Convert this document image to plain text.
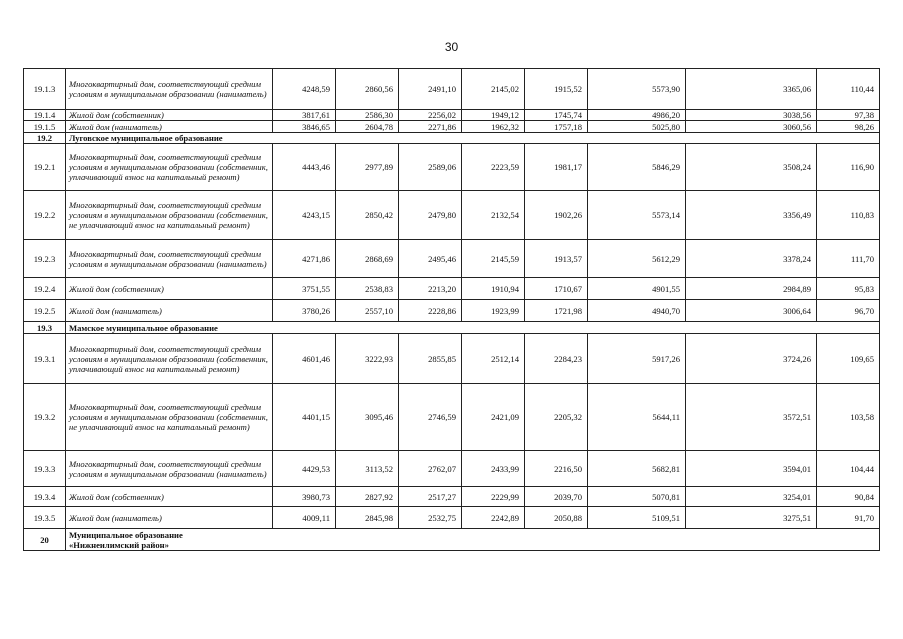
30
19.1.3	Многоквартирный дом, соответствующий средним условиям в муниципальном образовании (наниматель)	4248,59	2860,56	2491,10	2145,02	1915,52	5573,90	3365,06	110,44
19.1.4	Жилой дом (собственник)	3817,61	2586,30	2256,02	1949,12	1745,74	4986,20	3038,56	97,38
19.1.5	Жилой дом (наниматель)	3846,65	2604,78	2271,86	1962,32	1757,18	5025,80	3060,56	98,26
19.2	Луговское муниципальное образование								
19.2.1	Многоквартирный дом, соответствующий средним условиям в муниципальном образовании (собственник, уплачивающий взнос на капитальный ремонт)	4443,46	2977,89	2589,06	2223,59	1981,17	5846,29	3508,24	116,90
19.2.2	Многоквартирный дом, соответствующий средним условиям в муниципальном образовании (собственник, не уплачивающий взнос на капитальный ремонт)	4243,15	2850,42	2479,80	2132,54	1902,26	5573,14	3356,49	110,83
19.2.3	Многоквартирный дом, соответствующий средним условиям в муниципальном образовании (наниматель)	4271,86	2868,69	2495,46	2145,59	1913,57	5612,29	3378,24	111,70
19.2.4	Жилой дом (собственник)	3751,55	2538,83	2213,20	1910,94	1710,67	4901,55	2984,89	95,83
19.2.5	Жилой дом (наниматель)	3780,26	2557,10	2228,86	1923,99	1721,98	4940,70	3006,64	96,70
19.3	Мамское муниципальное образование								
19.3.1	Многоквартирный дом, соответствующий средним условиям в муниципальном образовании (собственник, уплачивающий взнос на капитальный ремонт)	4601,46	3222,93	2855,85	2512,14	2284,23	5917,26	3724,26	109,65
19.3.2	Многоквартирный дом, соответствующий средним условиям в муниципальном образовании (собственник, не уплачивающий взнос на капитальный ремонт)	4401,15	3095,46	2746,59	2421,09	2205,32	5644,11	3572,51	103,58
19.3.3	Многоквартирный дом, соответствующий средним условиям в муниципальном образовании (наниматель)	4429,53	3113,52	2762,07	2433,99	2216,50	5682,81	3594,01	104,44
19.3.4	Жилой дом (собственник)	3980,73	2827,92	2517,27	2229,99	2039,70	5070,81	3254,01	90,84
19.3.5	Жилой дом (наниматель)	4009,11	2845,98	2532,75	2242,89	2050,88	5109,51	3275,51	91,70
20	Муниципальное образование «Нижнеилимский район»								
